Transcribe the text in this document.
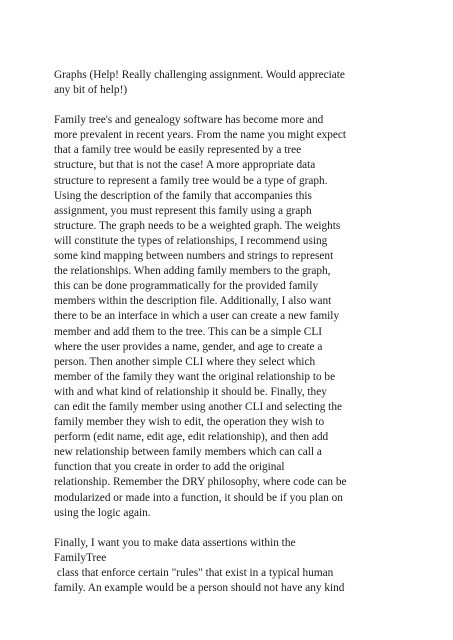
Graphs (Help! Really challenging assignment. Would appreciate
any bit of help!)
Family tree's and genealogy software has become more and
more prevalent in recent years. From the name you might expect
that a family tree would be easily represented by a tree
structure, but that is not the case! A more appropriate data
structure to represent a family tree would be a type of graph.
Using the description of the family that accompanies this
assignment, you must represent this family using a graph
structure. The graph needs to be a weighted graph. The weights
will constitute the types of relationships, I recommend using
some kind mapping between numbers and strings to represent
the relationships. When adding family members to the graph,
this can be done programmatically for the provided family
members within the description file. Additionally, I also want
there to be an interface in which a user can create a new family
member and add them to the tree. This can be a simple CLI
where the user provides a name, gender, and age to create a
person. Then another simple CLI where they select which
member of the family they want the original relationship to be
with and what kind of relationship it should be. Finally, they
can edit the family member using another CLI and selecting the
family member they wish to edit, the operation they wish to
perform (edit name, edit age, edit relationship), and then add
new relationship between family members which can call a
function that you create in order to add the original
relationship. Remember the DRY philosophy, where code can be
modularized or made into a function, it should be if you plan on
using the logic again.
Finally, I want you to make data assertions within the
FamilyTree
class that enforce certain "rules" that exist in a typical human
family. An example would be a person should not have any kind
